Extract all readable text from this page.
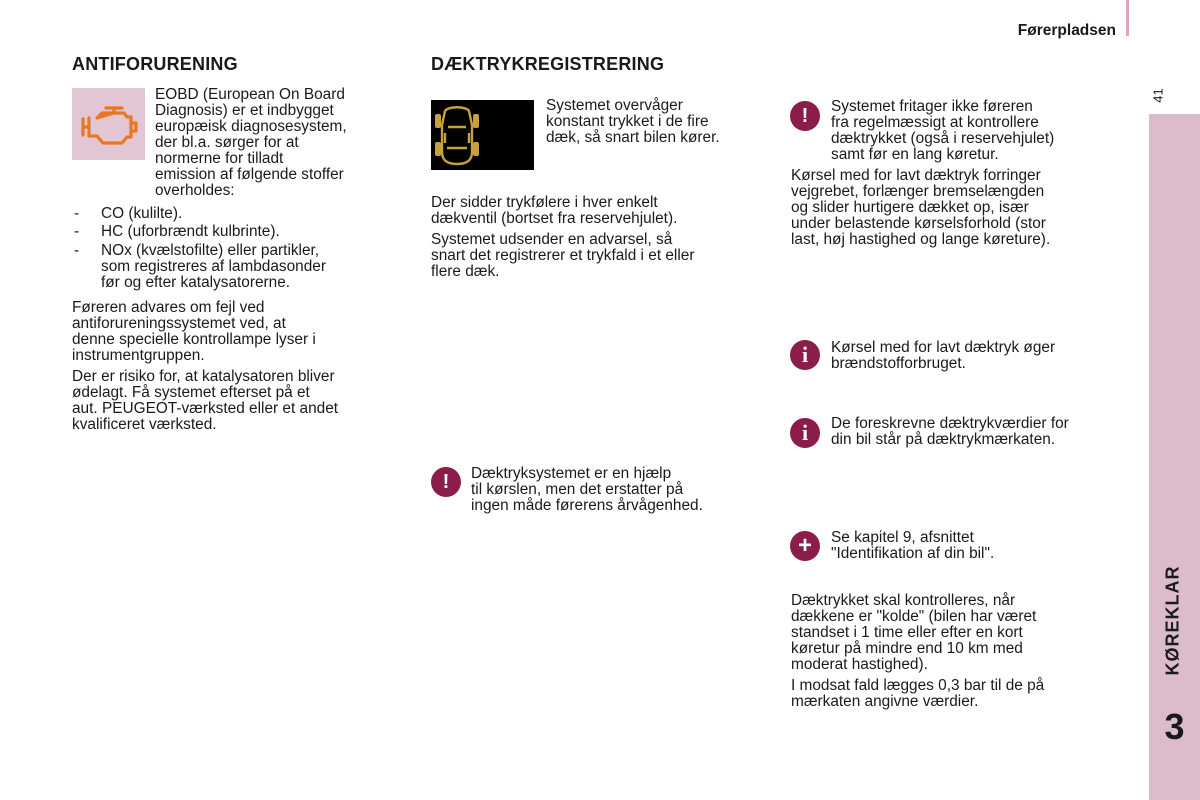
Førerpladsen
41
KØREKLAR
3
ANTIFORURENING
EOBD (European On Board
Diagnosis) er et indbygget
europæisk diagnosesystem,
der bl.a. sørger for at
normerne for tilladt
emission af følgende stoffer
overholdes:
-	CO (kulilte).
-	HC (uforbrændt kulbrinte).
-	NOx (kvælstofilte) eller partikler,
som registreres af lambdasonder
før og efter katalysatorerne.
Føreren advares om fejl ved
antiforureningssystemet ved, at
denne specielle kontrollampe lyser i
instrumentgruppen.
Der er risiko for, at katalysatoren bliver
ødelagt. Få systemet efterset på et
aut. PEUGEOT-værksted eller et andet
kvalificeret værksted.
DÆKTRYKREGISTRERING
Systemet overvåger
konstant trykket i de fire
dæk, så snart bilen kører.
Der sidder trykfølere i hver enkelt
dækventil (bortset fra reservehjulet).
Systemet udsender en advarsel, så
snart det registrerer et trykfald i et eller
flere dæk.
! Dæktryksystemet er en hjælp
til kørslen, men det erstatter på
ingen måde førerens årvågenhed.
! Systemet fritager ikke føreren
fra regelmæssigt at kontrollere
dæktrykket (også i reservehjulet)
samt før en lang køretur.
Kørsel med for lavt dæktryk forringer
vejgrebet, forlænger bremselængden
og slider hurtigere dækket op, især
under belastende kørselsforhold (stor
last, høj hastighed og lange køreture).
i Kørsel med for lavt dæktryk øger
brændstofforbruget.
i De foreskrevne dæktrykværdier for
din bil står på dæktrykmærkaten.
+ Se kapitel 9, afsnittet
"Identifikation af din bil".
Dæktrykket skal kontrolleres, når
dækkene er "kolde" (bilen har været
standset i 1 time eller efter en kort
køretur på mindre end 10 km med
moderat hastighed).
I modsat fald lægges 0,3 bar til de på
mærkaten angivne værdier.
